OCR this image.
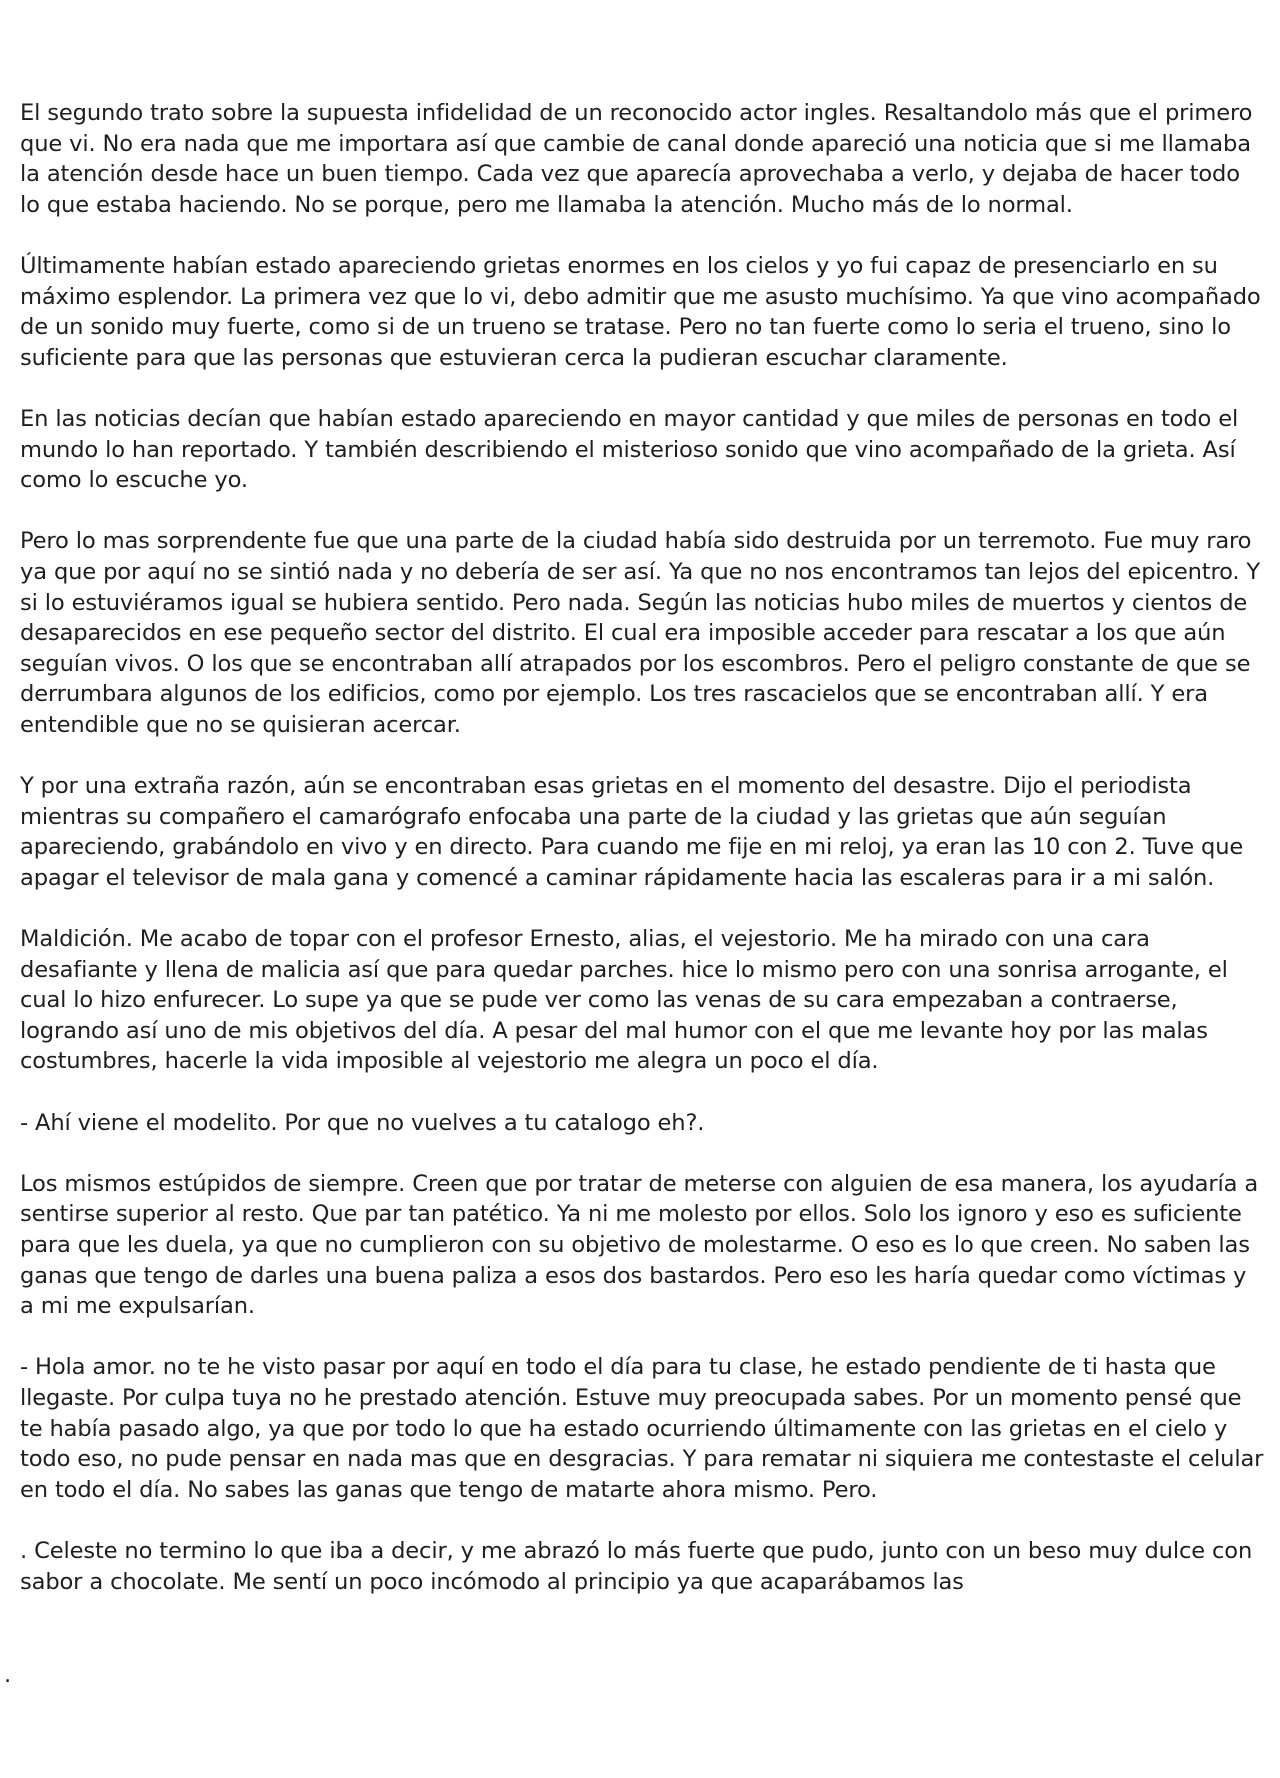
El segundo trato sobre la supuesta infidelidad de un reconocido actor ingles. Resaltandolo más que el primero que vi. No era nada que me importara así que cambie de canal donde apareció una noticia que si me llamaba la atención desde hace un buen tiempo. Cada vez que aparecía aprovechaba a verlo, y dejaba de hacer todo lo que estaba haciendo. No se porque, pero me llamaba la atención. Mucho más de lo normal.

Últimamente habían estado apareciendo grietas enormes en los cielos y yo fui capaz de presenciarlo en su máximo esplendor. La primera vez que lo vi, debo admitir que me asusto muchísimo. Ya que vino acompañado de un sonido muy fuerte, como si de un trueno se tratase. Pero no tan fuerte como lo seria el trueno, sino lo suficiente para que las personas que estuvieran cerca la pudieran escuchar claramente.

En las noticias decían que habían estado apareciendo en mayor cantidad y que miles de personas en todo el mundo lo han reportado. Y también describiendo el misterioso sonido que vino acompañado de la grieta. Así como lo escuche yo.

Pero lo mas sorprendente fue que una parte de la ciudad había sido destruida por un terremoto. Fue muy raro ya que por aquí no se sintió nada y no debería de ser así. Ya que no nos encontramos tan lejos del epicentro. Y si lo estuviéramos igual se hubiera sentido. Pero nada. Según las noticias hubo miles de muertos y cientos de desaparecidos en ese pequeño sector del distrito. El cual era imposible acceder para rescatar a los que aún seguían vivos. O los que se encontraban allí atrapados por los escombros. Pero el peligro constante de que se derrumbara algunos de los edificios, como por ejemplo. Los tres rascacielos que se encontraban allí. Y era entendible que no se quisieran acercar.

Y por una extraña razón, aún se encontraban esas grietas en el momento del desastre. Dijo el periodista mientras su compañero el camarógrafo enfocaba una parte de la ciudad y las grietas que aún seguían apareciendo, grabándolo en vivo y en directo. Para cuando me fije en mi reloj, ya eran las 10 con 2. Tuve que apagar el televisor de mala gana y comencé a caminar rápidamente hacia las escaleras para ir a mi salón.

Maldición. Me acabo de topar con el profesor Ernesto, alias, el vejestorio. Me ha mirado con una cara desafiante y llena de malicia así que para quedar parches. hice lo mismo pero con una sonrisa arrogante, el cual lo hizo enfurecer. Lo supe ya que se pude ver como las venas de su cara empezaban a contraerse, logrando así uno de mis objetivos del día. A pesar del mal humor con el que me levante hoy por las malas costumbres, hacerle la vida imposible al vejestorio me alegra un poco el día.

- Ahí viene el modelito. Por que no vuelves a tu catalogo eh?.

Los mismos estúpidos de siempre. Creen que por tratar de meterse con alguien de esa manera, los ayudaría a sentirse superior al resto. Que par tan patético. Ya ni me molesto por ellos. Solo los ignoro y eso es suficiente para que les duela, ya que no cumplieron con su objetivo de molestarme. O eso es lo que creen. No saben las ganas que tengo de darles una buena paliza a esos dos bastardos. Pero eso les haría quedar como víctimas y a mi me expulsarían.

- Hola amor. no te he visto pasar por aquí en todo el día para tu clase, he estado pendiente de ti hasta que llegaste. Por culpa tuya no he prestado atención. Estuve muy preocupada sabes. Por un momento pensé que te había pasado algo, ya que por todo lo que ha estado ocurriendo últimamente con las grietas en el cielo y todo eso, no pude pensar en nada mas que en desgracias. Y para rematar ni siquiera me contestaste el celular en todo el día. No sabes las ganas que tengo de matarte ahora mismo. Pero.

. Celeste no termino lo que iba a decir, y me abrazó lo más fuerte que pudo, junto con un beso muy dulce con sabor a chocolate. Me sentí un poco incómodo al principio ya que acaparábamos las

.
